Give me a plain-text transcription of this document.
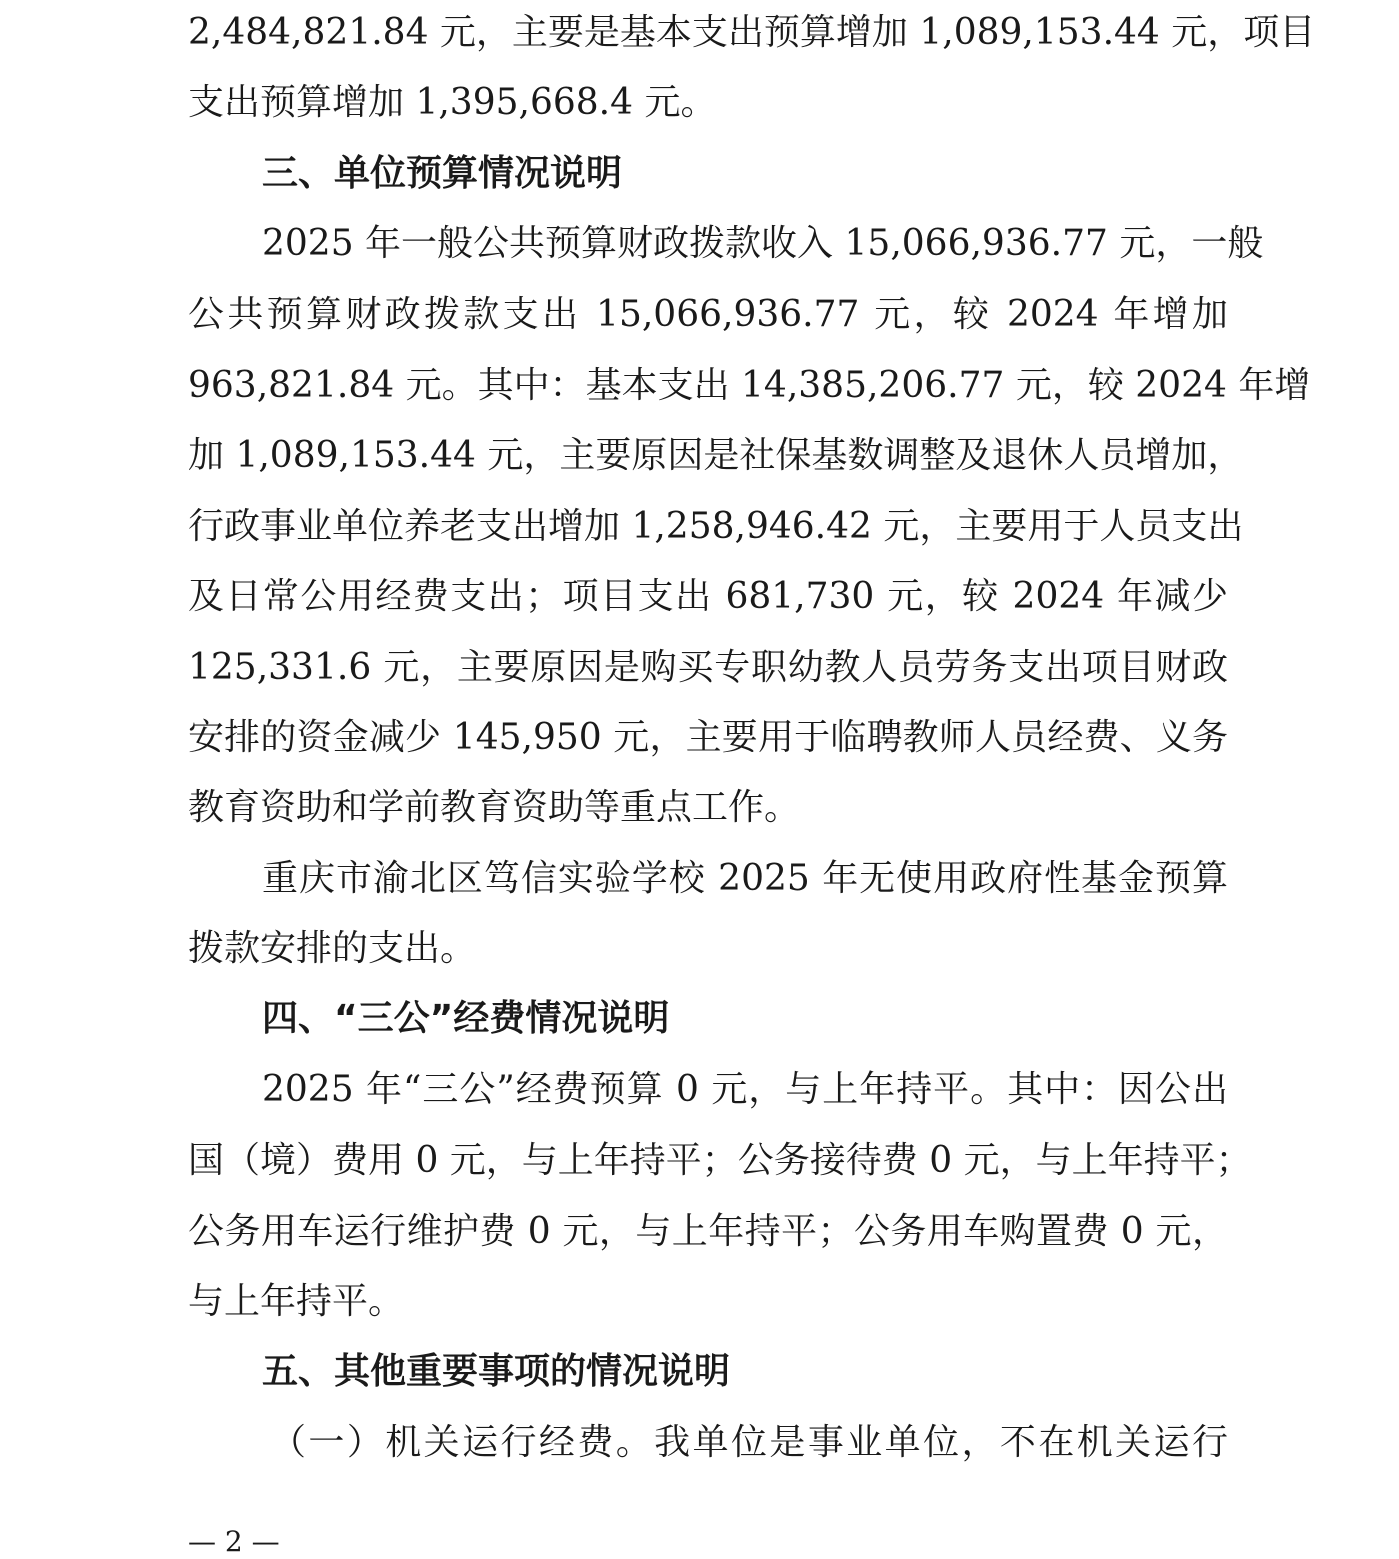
2,484,821.84 元，主要是基本支出预算增加 1,089,153.44 元，项目
支出预算增加 1,395,668.4 元。
三、单位预算情况说明
2025 年一般公共预算财政拨款收入 15,066,936.77 元，一般
公共预算财政拨款支出 15,066,936.77 元，较 2024 年增加
963,821.84 元。其中：基本支出 14,385,206.77 元，较 2024 年增
加 1,089,153.44 元，主要原因是社保基数调整及退休人员增加，
行政事业单位养老支出增加 1,258,946.42 元，主要用于人员支出
及日常公用经费支出；项目支出 681,730 元，较 2024 年减少
125,331.6 元，主要原因是购买专职幼教人员劳务支出项目财政
安排的资金减少 145,950 元，主要用于临聘教师人员经费、义务
教育资助和学前教育资助等重点工作。
重庆市渝北区笃信实验学校 2025 年无使用政府性基金预算
拨款安排的支出。
四、“三公”经费情况说明
2025 年“三公”经费预算 0 元，与上年持平。其中：因公出
国（境）费用 0 元，与上年持平；公务接待费 0 元，与上年持平；
公务用车运行维护费 0 元，与上年持平；公务用车购置费 0 元，
与上年持平。
五、其他重要事项的情况说明
（一）机关运行经费。我单位是事业单位，不在机关运行
— 2 —
